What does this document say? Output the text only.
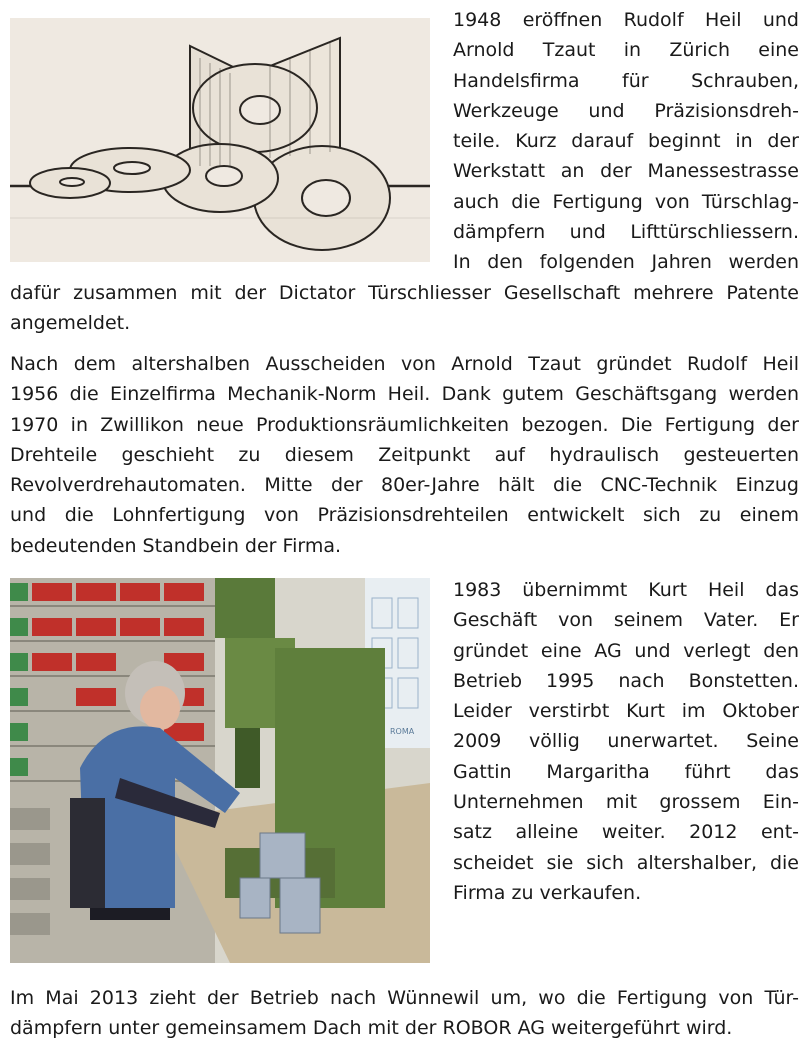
1948 eröffnen Rudolf Heil und
Arnold Tzaut in Zürich eine
Handelsfirma für Schrauben,
Werkzeuge und Präzisionsdreh-
teile. Kurz darauf beginnt in der
Werkstatt an der Manessestrasse
auch die Fertigung von Türschlag-
dämpfern und Lifttürschliessern.
In den folgenden Jahren werden
dafür zusammen mit der Dictator Türschliesser Gesellschaft mehrere Patente
angemeldet.
Nach dem altershalben Ausscheiden von Arnold Tzaut gründet Rudolf Heil
1956 die Einzelfirma Mechanik-Norm Heil. Dank gutem Geschäftsgang werden
1970 in Zwillikon neue Produktionsräumlichkeiten bezogen. Die Fertigung der
Drehteile geschieht zu diesem Zeitpunkt auf hydraulisch gesteuerten
Revolverdrehautomaten. Mitte der 80er-Jahre hält die CNC-Technik Einzug
und die Lohnfertigung von Präzisionsdrehteilen entwickelt sich zu einem
bedeutenden Standbein der Firma.
ROMA
1983 übernimmt Kurt Heil das
Geschäft von seinem Vater. Er
gründet eine AG und verlegt den
Betrieb 1995 nach Bonstetten.
Leider verstirbt Kurt im Oktober
2009 völlig unerwartet. Seine
Gattin Margaritha führt das
Unternehmen mit grossem Ein-
satz alleine weiter. 2012 ent-
scheidet sie sich altershalber, die
Firma zu verkaufen.
Im Mai 2013 zieht der Betrieb nach Wünnewil um, wo die Fertigung von Tür-
dämpfern unter gemeinsamem Dach mit der ROBOR AG weitergeführt wird.
